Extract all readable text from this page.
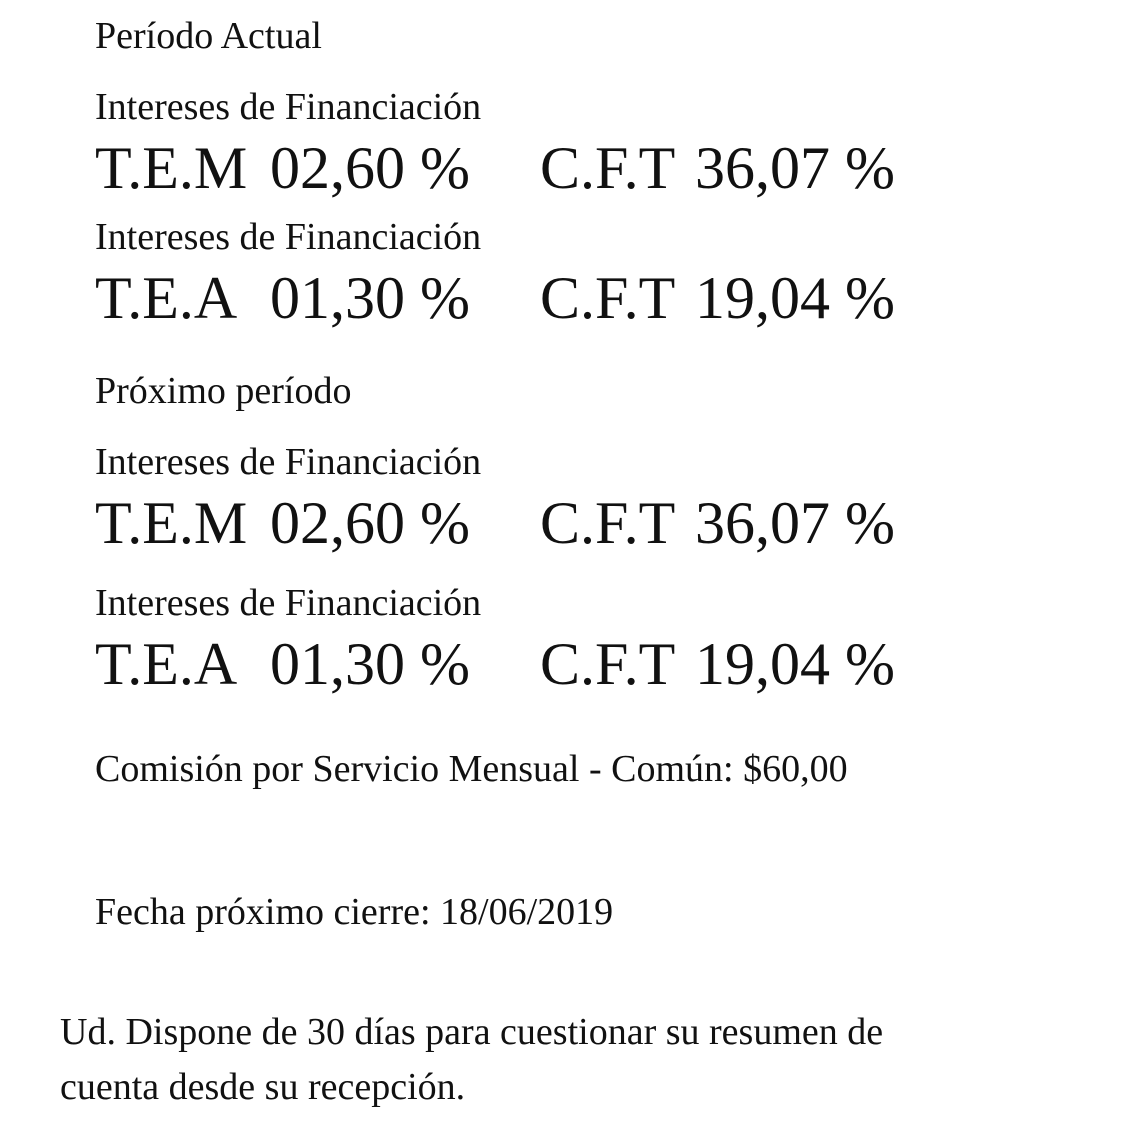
Período Actual
Intereses de Financiación
T.E.M 02,60 % C.F.T 36,07 %
Intereses de Financiación
T.E.A 01,30 % C.F.T 19,04 %
Próximo período
Intereses de Financiación
T.E.M 02,60 % C.F.T 36,07 %
Intereses de Financiación
T.E.A 01,30 % C.F.T 19,04 %
Comisión por Servicio Mensual - Común: $60,00
Fecha próximo cierre: 18/06/2019
Ud. Dispone de 30 días para cuestionar su resumen de
cuenta desde su recepción.
